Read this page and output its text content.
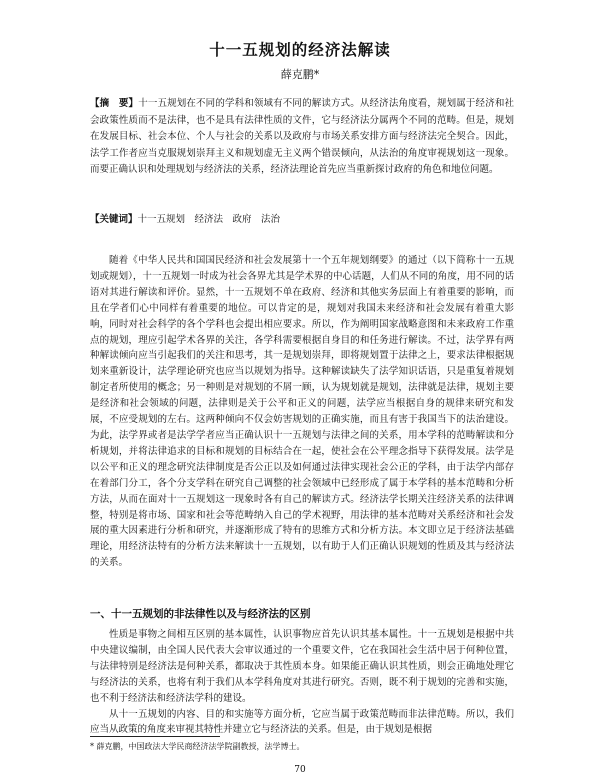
十一五规划的经济法解读
薛克鹏*
【摘　要】十一五规划在不同的学科和领域有不同的解读方式。从经济法角度看，规划属于经济和社会政策性质而不是法律，也不是具有法律性质的文件，它与经济法分属两个不同的范畴。但是，规划在发展目标、社会本位、个人与社会的关系以及政府与市场关系安排方面与经济法完全契合。因此，法学工作者应当克服规划崇拜主义和规划虚无主义两个错误倾向，从法治的角度审视规划这一现象。而要正确认识和处理规划与经济法的关系，经济法理论首先应当重新探讨政府的角色和地位问题。
【关键词】十一五规划　经济法　政府　法治

随着《中华人民共和国国民经济和社会发展第十一个五年规划纲要》的通过（以下简称十一五规划或规划），十一五规划一时成为社会各界尤其是学术界的中心话题，人们从不同的角度，用不同的话语对其进行解读和评价。显然，十一五规划不单在政府、经济和其他实务层面上有着重要的影响，而且在学者们心中同样有着重要的地位。可以肯定的是，规划对我国未来经济和社会发展有着重大影响，同时对社会科学的各个学科也会提出相应要求。所以，作为阐明国家战略意图和未来政府工作重点的规划，理应引起学术各界的关注，各学科需要根据自身目的和任务进行解读。不过，法学界有两种解读倾向应当引起我们的关注和思考，其一是规划崇拜，即将规划置于法律之上，要求法律根据规划来重新设计，法学理论研究也应当以规划为指导。这种解读缺失了法学知识话语，只是重复着规划制定者所使用的概念；另一种则是对规划的不屑一顾，认为规划就是规划，法律就是法律，规划主要是经济和社会领域的问题，法律则是关于公平和正义的问题，法学应当根据自身的规律来研究和发展，不应受规划的左右。这两种倾向不仅会妨害规划的正确实施，而且有害于我国当下的法治建设。为此，法学界或者是法学学者应当正确认识十一五规划与法律之间的关系，用本学科的范畴解读和分析规划，并将法律追求的目标和规划的目标结合在一起，使社会在公平理念指导下获得发展。法学是以公平和正义的理念研究法律制度是否公正以及如何通过法律实现社会公正的学科，由于法学内部存在着部门分工，各个分支学科在研究自己调整的社会领域中已经形成了属于本学科的基本范畴和分析方法，从而在面对十一五规划这一现象时各有自己的解读方式。经济法学长期关注经济关系的法律调整，特别是将市场、国家和社会等范畴纳入自己的学术视野，用法律的基本范畴对关系经济和社会发展的重大因素进行分析和研究，并逐渐形成了特有的思维方式和分析方法。本文即立足于经济法基础理论，用经济法特有的分析方法来解读十一五规划，以有助于人们正确认识规划的性质及其与经济法的关系。

一、十一五规划的非法律性以及与经济法的区别

性质是事物之间相互区别的基本属性，认识事物应首先认识其基本属性。十一五规划是根据中共中央建议编制，由全国人民代表大会审议通过的一个重要文件，它在我国社会生活中居于何种位置，与法律特别是经济法是何种关系，都取决于其性质本身。如果能正确认识其性质，则会正确地处理它与经济法的关系，也将有利于我们从本学科角度对其进行研究。否则，既不利于规划的完善和实施，也不利于经济法和经济法学科的建设。

从十一五规划的内容、目的和实施等方面分析，它应当属于政策范畴而非法律范畴。所以，我们应当从政策的角度来审视其特性并建立它与经济法的关系。但是，由于规划是根据

* 薛克鹏，中国政法大学民商经济法学院副教授，法学博士。
70
